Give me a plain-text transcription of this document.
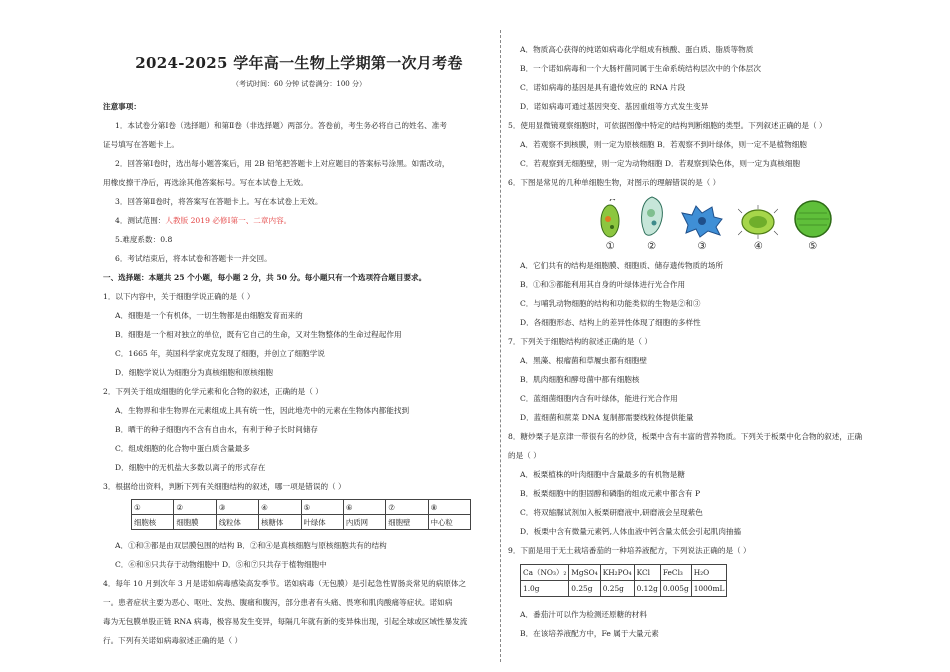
2024-2025 学年高一生物上学期第一次月考卷
（考试时间：60 分钟 试卷满分：100 分）

注意事项：

1．本试卷分第Ⅰ卷（选择题）和第Ⅱ卷（非选择题）两部分。答卷前，考生务必将自己的姓名、准考

证号填写在答题卡上。

2．回答第Ⅰ卷时，选出每小题答案后，用 2B 铅笔把答题卡上对应题目的答案标号涂黑。如需改动，

用橡皮擦干净后，再选涂其他答案标号。写在本试卷上无效。

3．回答第Ⅱ卷时，将答案写在答题卡上。写在本试卷上无效。

4．测试范围：人教版 2019 必修Ⅰ第一、二章内容。

5.难度系数：0.8

6．考试结束后，将本试卷和答题卡一并交回。

一、选择题：本题共 25 个小题，每小题 2 分，共 50 分。每小题只有一个选项符合题目要求。

1．以下内容中，关于细胞学说正确的是（ ）

A．细胞是一个有机体，一切生物都是由细胞发育而来的

B．细胞是一个相对独立的单位，既有它自己的生命，又对生物整体的生命过程起作用

C．1665 年，英国科学家虎克发现了细胞，并创立了细胞学说

D．细胞学说认为细胞分为真核细胞和原核细胞

2．下列关于组成细胞的化学元素和化合物的叙述，正确的是（ ）

A．生物界和非生物界在元素组成上具有统一性，因此地壳中的元素在生物体内都能找到

B．晒干的种子细胞内不含有自由水，有利于种子长时间储存

C．组成细胞的化合物中蛋白质含量最多

D．细胞中的无机盐大多数以离子的形式存在

3．根据给出资料，判断下列有关细胞结构的叙述，哪一项是错误的（ ）

①	②	③	④	⑤	⑥	⑦	⑧
细胞核	细胞膜	线粒体	核糖体	叶绿体	内质网	细胞壁	中心粒

A．①和③都是由双层膜包围的结构 B．②和④是真核细胞与原核细胞共有的结构

C．⑥和⑧只共存于动物细胞中 D．⑤和⑦只共存于植物细胞中

4．每年 10 月到次年 3 月是诺如病毒感染高发季节。诺如病毒（无包膜）是引起急性胃肠炎常见的病原体之

一。患者症状主要为恶心、呕吐、发热、腹痛和腹泻，部分患者有头痛、畏寒和肌肉酸痛等症状。诺如病

毒为无包膜单股正链 RNA 病毒，极容易发生变异，每隔几年就有新的变异株出现，引起全球或区域性暴发流

行。下列有关诺如病毒叙述正确的是（ ）

A．物质高心获得的纯诺如病毒化学组成有核酸、蛋白质、脂质等物质

B．一个诺如病毒和一个大肠杆菌同属于生命系统结构层次中的个体层次

C．诺如病毒的基因是具有遗传效应的 RNA 片段

D．诺如病毒可通过基因突变、基因重组等方式发生变异

5．使用显微镜观察细胞时，可依据图像中特定的结构判断细胞的类型。下列叙述正确的是（ ）

A．若观察不到核膜，则一定为原核细胞 B．若观察不到叶绿体，则一定不是植物细胞

C．若观察到无细胞壁，则一定为动物细胞 D．若观察到染色体，则一定为真核细胞

6．下图是常见的几种单细胞生物，对图示的理解错误的是（ ）

①	②	③	④	⑤

A．它们共有的结构是细胞膜、细胞质、储存遗传物质的场所

B．①和⑤都能利用其自身的叶绿体进行光合作用

C．与哺乳动物细胞的结构和功能类似的生物是②和③

D．各细胞形态、结构上的差异性体现了细胞的多样性

7．下列关于细胞结构的叙述正确的是（ ）

A．黑藻、根瘤菌和草履虫都有细胞壁

B．肌肉细胞和酵母菌中都有细胞核

C．蓝细菌细胞内含有叶绿体，能进行光合作用

D．蓝细菌和蔗菜 DNA 复制都需要线粒体提供能量

8．糖炒栗子是京津一带很有名的炒货，板栗中含有丰富的营养物质。下列关于板栗中化合物的叙述，正确

的是（ ）

A．板栗植株的叶肉细胞中含量最多的有机物是糖

B．板栗细胞中的胆固醇和磷脂的组成元素中都含有 P

C．将双缩脲试剂加入板栗研磨液中,研磨液会呈现紫色

D．板栗中含有微量元素钙,人体血液中钙含量太低会引起肌肉抽搐

9．下面是用于无土栽培番茄的一种培养液配方，下列说法正确的是（ ）

Ca（NO₃）₂	MgSO₄	KH₂PO₄	KCl	FeCl₃	H₂O
1.0g	0.25g	0.25g	0.12g	0.005g	1000mL

A．番茄汁可以作为检测还原糖的材料

B．在该培养液配方中，Fe 属于大量元素
